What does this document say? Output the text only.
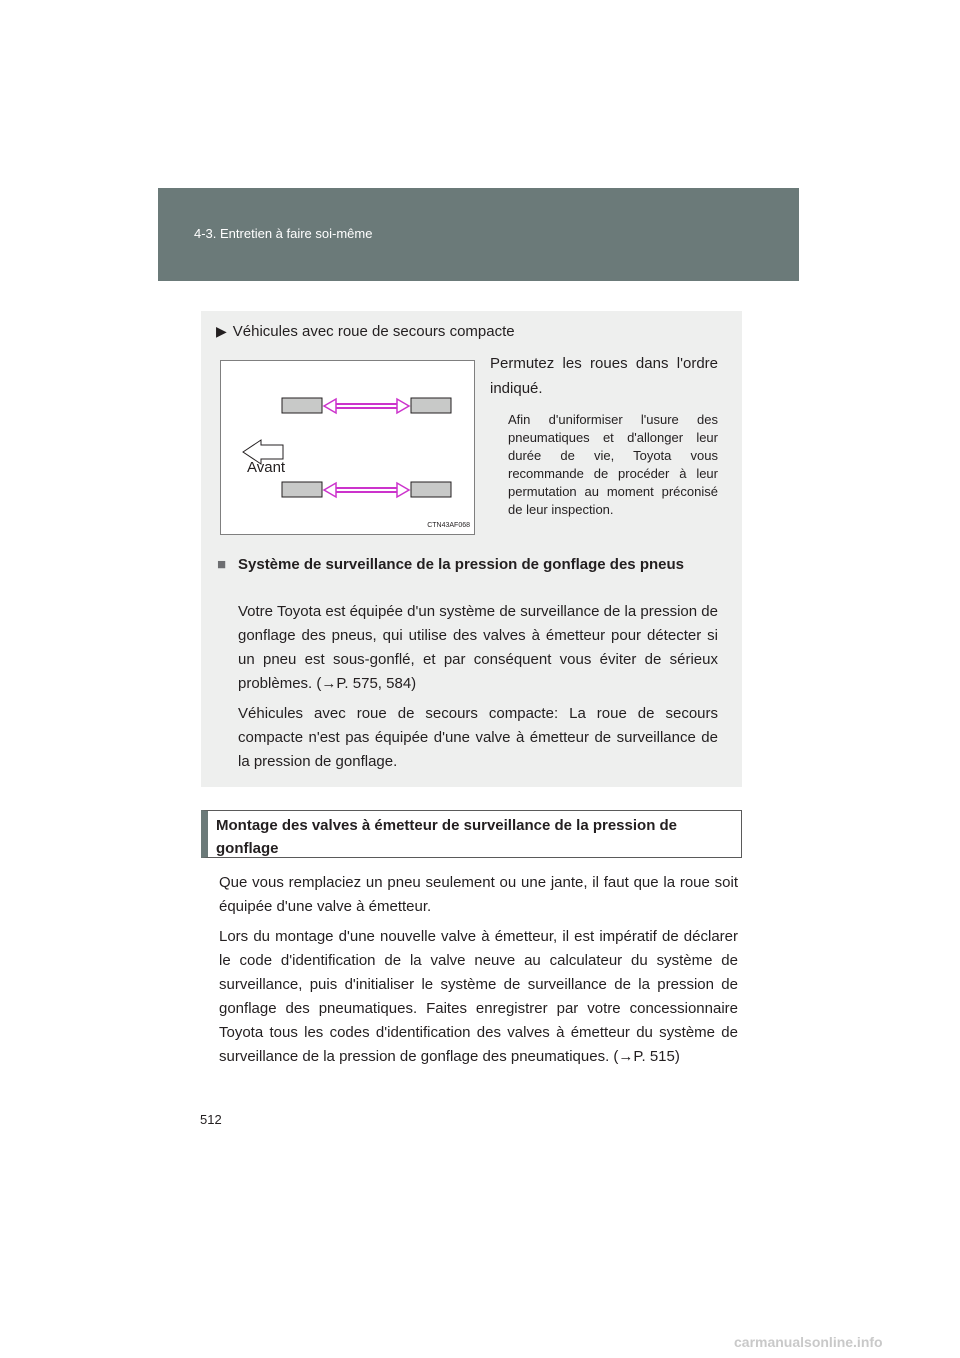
4-3. Entretien à faire soi-même
▶ Véhicules avec roue de secours compacte
Avant
CTN43AF068
Permutez les roues dans l'ordre indiqué.
Afin d'uniformiser l'usure des pneumatiques et d'allonger leur durée de vie, Toyota vous recommande de procéder à leur permutation au moment préconisé de leur inspection.
■ Système de surveillance de la pression de gonflage des pneus
Votre Toyota est équipée d'un système de surveillance de la pression de gonflage des pneus, qui utilise des valves à émetteur pour détecter si un pneu est sous-gonflé, et par conséquent vous éviter de sérieux problèmes. (→P. 575, 584)
Véhicules avec roue de secours compacte: La roue de secours compacte n'est pas équipée d'une valve à émetteur de surveillance de la pression de gonflage.
Montage des valves à émetteur de surveillance de la pression de gonflage
Que vous remplaciez un pneu seulement ou une jante, il faut que la roue soit équipée d'une valve à émetteur.
Lors du montage d'une nouvelle valve à émetteur, il est impératif de déclarer le code d'identification de la valve neuve au calculateur du système de surveillance, puis d'initialiser le système de surveillance de la pression de gonflage des pneumatiques. Faites enregistrer par votre concessionnaire Toyota tous les codes d'identification des valves à émetteur du système de surveillance de la pression de gonflage des pneumatiques. (→P. 515)
512
carmanualsonline.info
